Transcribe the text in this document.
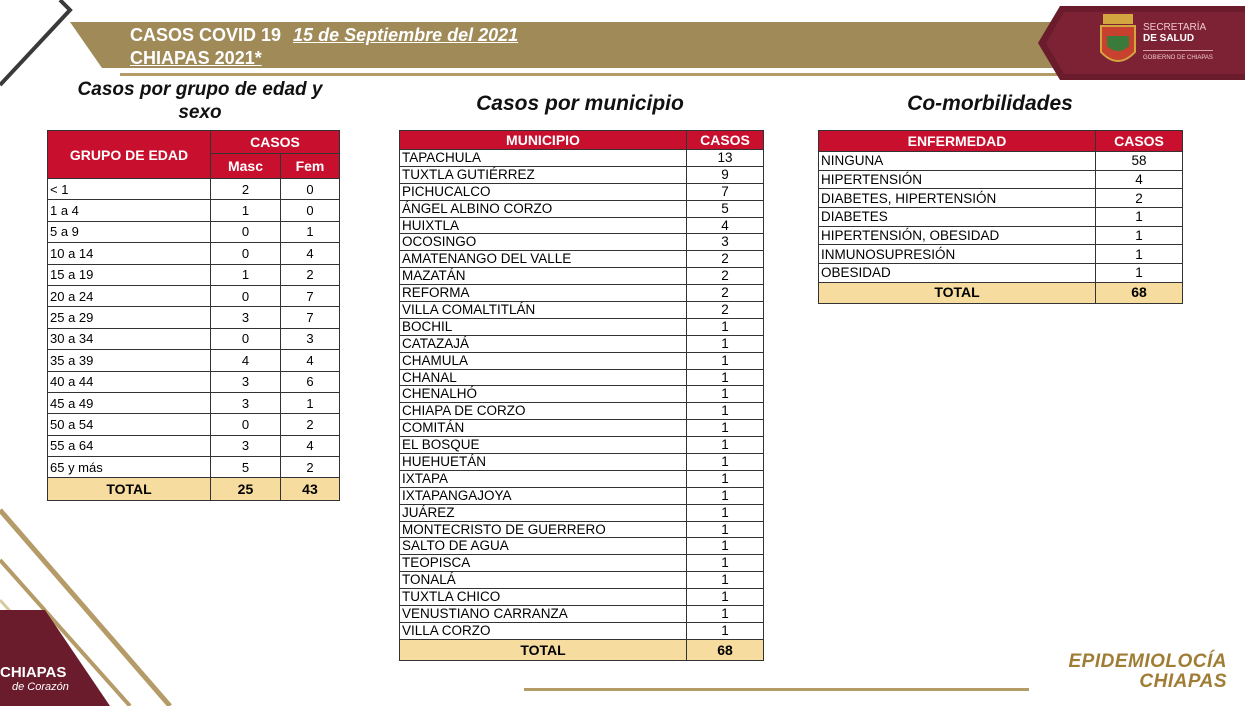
CASOS COVID 19 15 de Septiembre del 2021
CHIAPAS 2021*
SECRETARÍA
DE SALUD
GOBIERNO DE CHIAPAS
Casos por grupo de edad y sexo	Casos por municipio	Co-morbilidades
GRUPO DE EDAD	CASOS	
	Masc	Fem
< 1	2	0
1 a 4	1	0
5 a 9	0	1
10 a 14	0	4
15 a 19	1	2
20 a 24	0	7
25 a 29	3	7
30 a 34	0	3
35 a 39	4	4
40 a 44	3	6
45 a 49	3	1
50 a 54	0	2
55 a 64	3	4
65 y más	5	2
TOTAL	25	43
MUNICIPIO	CASOS
TAPACHULA	13
TUXTLA GUTIÉRREZ	9
PICHUCALCO	7
ÁNGEL ALBINO CORZO	5
HUIXTLA	4
OCOSINGO	3
AMATENANGO DEL VALLE	2
MAZATÁN	2
REFORMA	2
VILLA COMALTITLÁN	2
BOCHIL	1
CATAZAJÁ	1
CHAMULA	1
CHANAL	1
CHENALHÓ	1
CHIAPA DE CORZO	1
COMITÁN	1
EL BOSQUE	1
HUEHUETÁN	1
IXTAPA	1
IXTAPANGAJOYA	1
JUÁREZ	1
MONTECRISTO DE GUERRERO	1
SALTO DE AGUA	1
TEOPISCA	1
TONALÁ	1
TUXTLA CHICO	1
VENUSTIANO CARRANZA	1
VILLA CORZO	1
TOTAL	68
ENFERMEDAD	CASOS
NINGUNA	58
HIPERTENSIÓN	4
DIABETES, HIPERTENSIÓN	2
DIABETES	1
HIPERTENSIÓN, OBESIDAD	1
INMUNOSUPRESIÓN	1
OBESIDAD	1
TOTAL	68
CHIAPAS
de Corazón
EPIDEMIOLOCÍA
CHIAPAS
